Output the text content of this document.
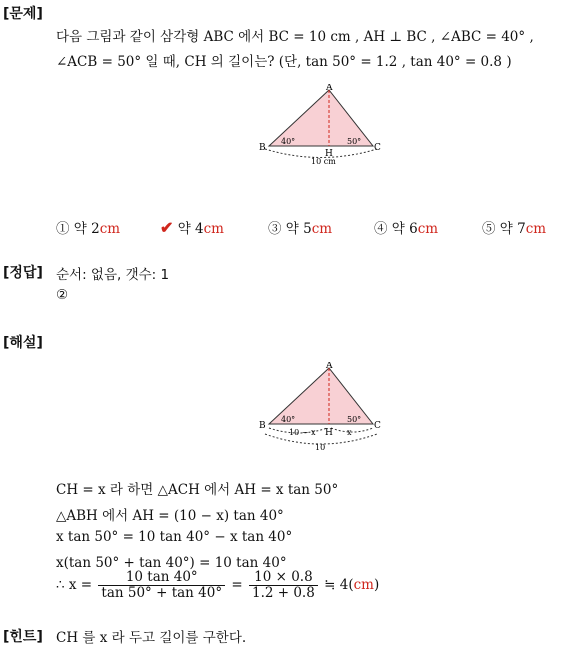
[문제]
다음 그림과 같이 삼각형 ABC 에서 BC = 10 cm , AH ⊥ BC , ∠ABC = 40° ,
∠ACB = 50° 일 때, CH 의 길이는? (단, tan 50° = 1.2 , tan 40° = 0.8 )
A
B	C
H
40°	50°
10 cm
① 약 2cm ✔ 약 4cm	③ 약 5cm	④ 약 6cm	⑤ 약 7cm
[정답] 순서: 없음, 갯수: 1
②
[해설]
A
B	C
H
40°	50°
10 − x	x
10
CH = x 라 하면 △ACH 에서 AH = x tan 50°
△ABH 에서 AH = (10 − x) tan 40°
x tan 50° = 10 tan 40° − x tan 40°
x(tan 50° + tan 40°) = 10 tan 40°
∴ $x = \frac{10 \tan 40^\circ}{\tan 50^\circ + \tan 40^\circ} = \frac{10 \times 0.8}{1.2 + 0.8}$ ≒ 4(cm)
[힌트] CH 를 x 라 두고 길이를 구한다.
